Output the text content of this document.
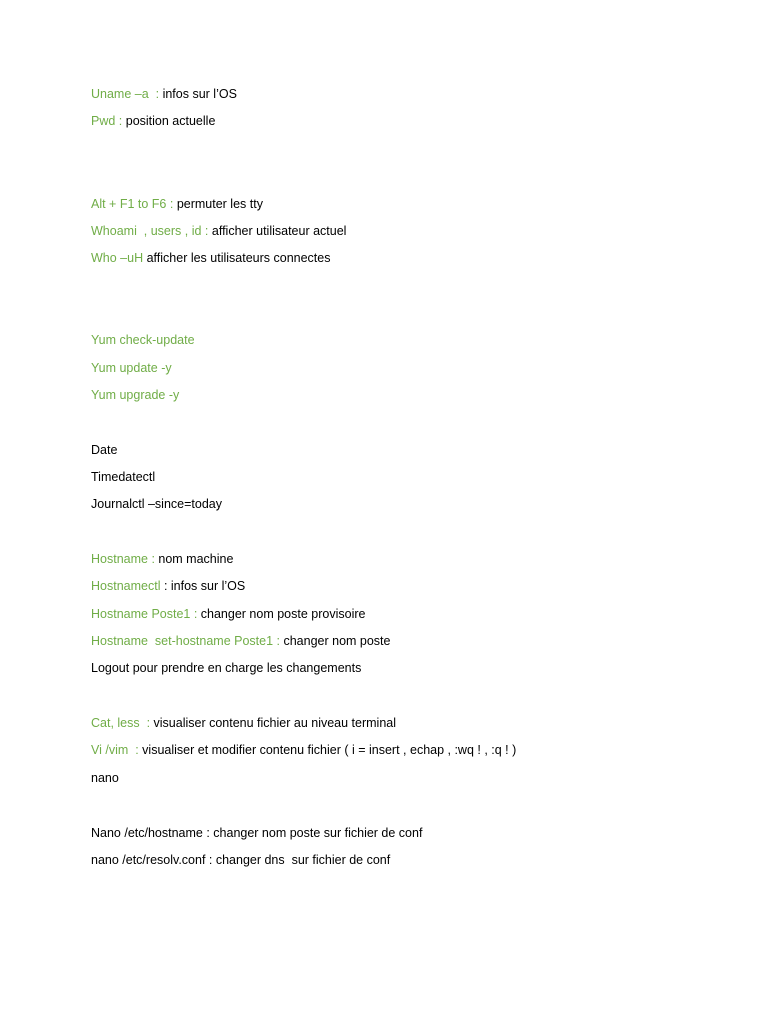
Uname –a  : infos sur l’OS
Pwd : position actuelle
Alt + F1 to F6 : permuter les tty
Whoami  , users , id : afficher utilisateur actuel
Who –uH afficher les utilisateurs connectes
Yum check-update
Yum update -y
Yum upgrade -y
Date
Timedatectl
Journalctl –since=today
Hostname : nom machine
Hostnamectl : infos sur l’OS
Hostname Poste1 : changer nom poste provisoire
Hostname  set-hostname Poste1 : changer nom poste
Logout pour prendre en charge les changements
Cat, less  : visualiser contenu fichier au niveau terminal
Vi /vim  : visualiser et modifier contenu fichier ( i = insert , echap , :wq ! , :q ! )
nano
Nano /etc/hostname : changer nom poste sur fichier de conf
nano /etc/resolv.conf : changer dns  sur fichier de conf
